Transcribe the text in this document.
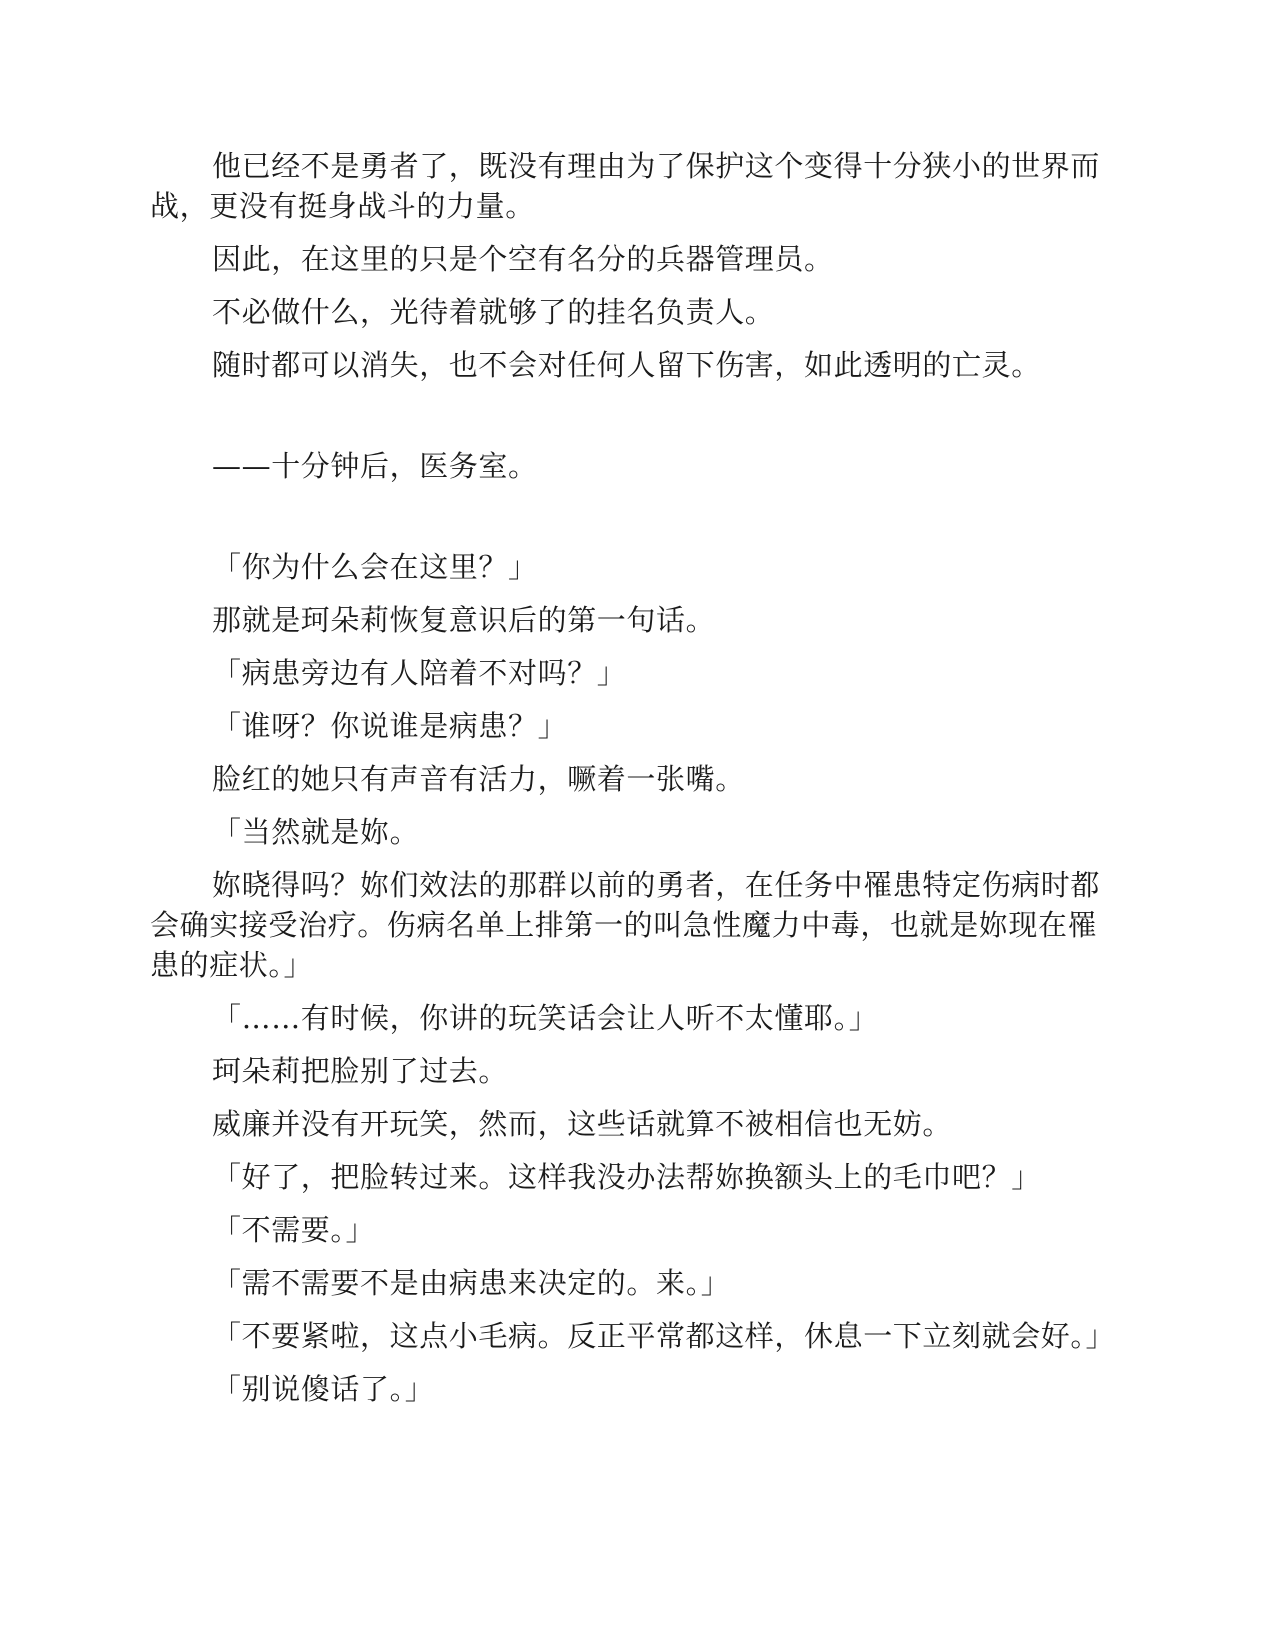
他已经不是勇者了，既没有理由为了保护这个变得十分狭小的世界而战，更没有挺身战斗的力量。

因此，在这里的只是个空有名分的兵器管理员。

不必做什么，光待着就够了的挂名负责人。

随时都可以消失，也不会对任何人留下伤害，如此透明的亡灵。

——十分钟后，医务室。

「你为什么会在这里？」

那就是珂朵莉恢复意识后的第一句话。

「病患旁边有人陪着不对吗？」

「谁呀？你说谁是病患？」

脸红的她只有声音有活力，噘着一张嘴。

「当然就是妳。

妳晓得吗？妳们效法的那群以前的勇者，在任务中罹患特定伤病时都会确实接受治疗。伤病名单上排第一的叫急性魔力中毒，也就是妳现在罹患的症状。」

「……有时候，你讲的玩笑话会让人听不太懂耶。」

珂朵莉把脸别了过去。

威廉并没有开玩笑，然而，这些话就算不被相信也无妨。

「好了，把脸转过来。这样我没办法帮妳换额头上的毛巾吧？」

「不需要。」

「需不需要不是由病患来决定的。来。」

「不要紧啦，这点小毛病。反正平常都这样，休息一下立刻就会好。」

「别说傻话了。」
